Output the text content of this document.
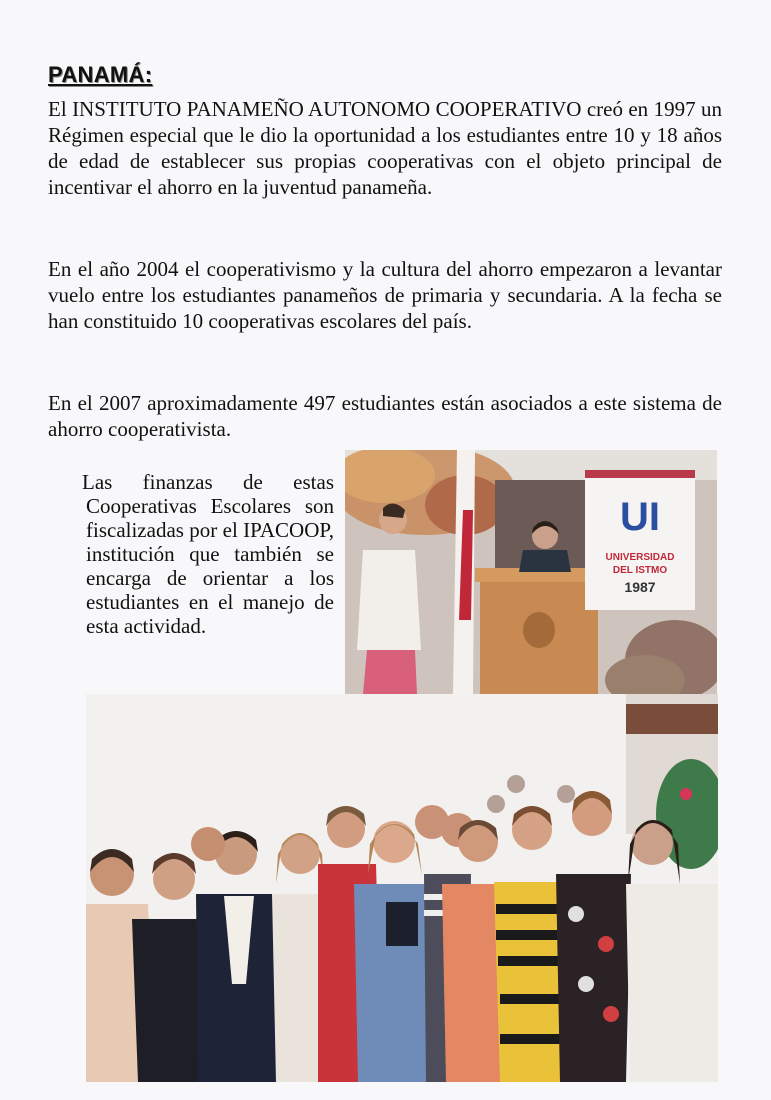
PANAMÁ:

El INSTITUTO PANAMEÑO AUTONOMO COOPERATIVO creó en 1997 un Régimen especial que le dio la oportunidad a los estudiantes entre 10 y 18 años de edad de establecer sus propias cooperativas con el objeto principal de incentivar el ahorro en la juventud panameña.

En el año 2004 el cooperativismo y la cultura del ahorro empezaron a levantar vuelo entre los estudiantes panameños de primaria y secundaria. A la fecha se han constituido 10 cooperativas escolares del país.

En el 2007 aproximadamente 497 estudiantes están asociados a este sistema de ahorro cooperativista.

Las finanzas de estas Cooperativas Escolares son fiscalizadas por el IPACOOP, institución que también se encarga de orientar a los estudiantes en el manejo de esta actividad.

UI
UNIVERSIDAD
DEL ISTMO
1987
